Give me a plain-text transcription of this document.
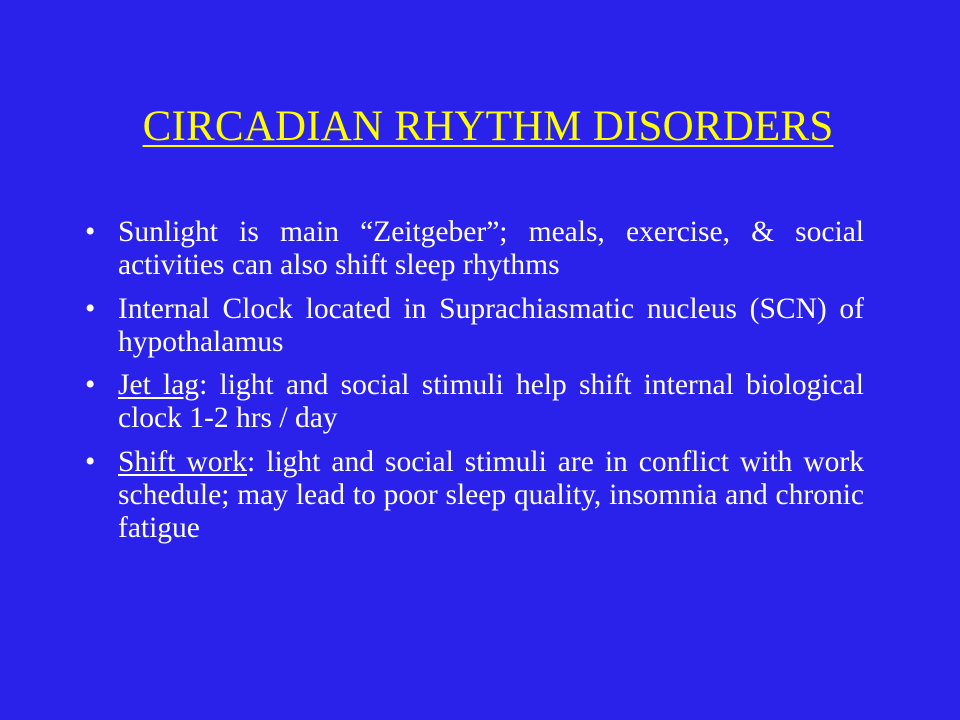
CIRCADIAN RHYTHM DISORDERS
• Sunlight is main “Zeitgeber”; meals, exercise, & social activities can also shift sleep rhythms
• Internal Clock located in Suprachiasmatic nucleus (SCN) of hypothalamus
• Jet lag: light and social stimuli help shift internal biological clock 1-2 hrs / day
• Shift work: light and social stimuli are in conflict with work schedule; may lead to poor sleep quality, insomnia and chronic fatigue
